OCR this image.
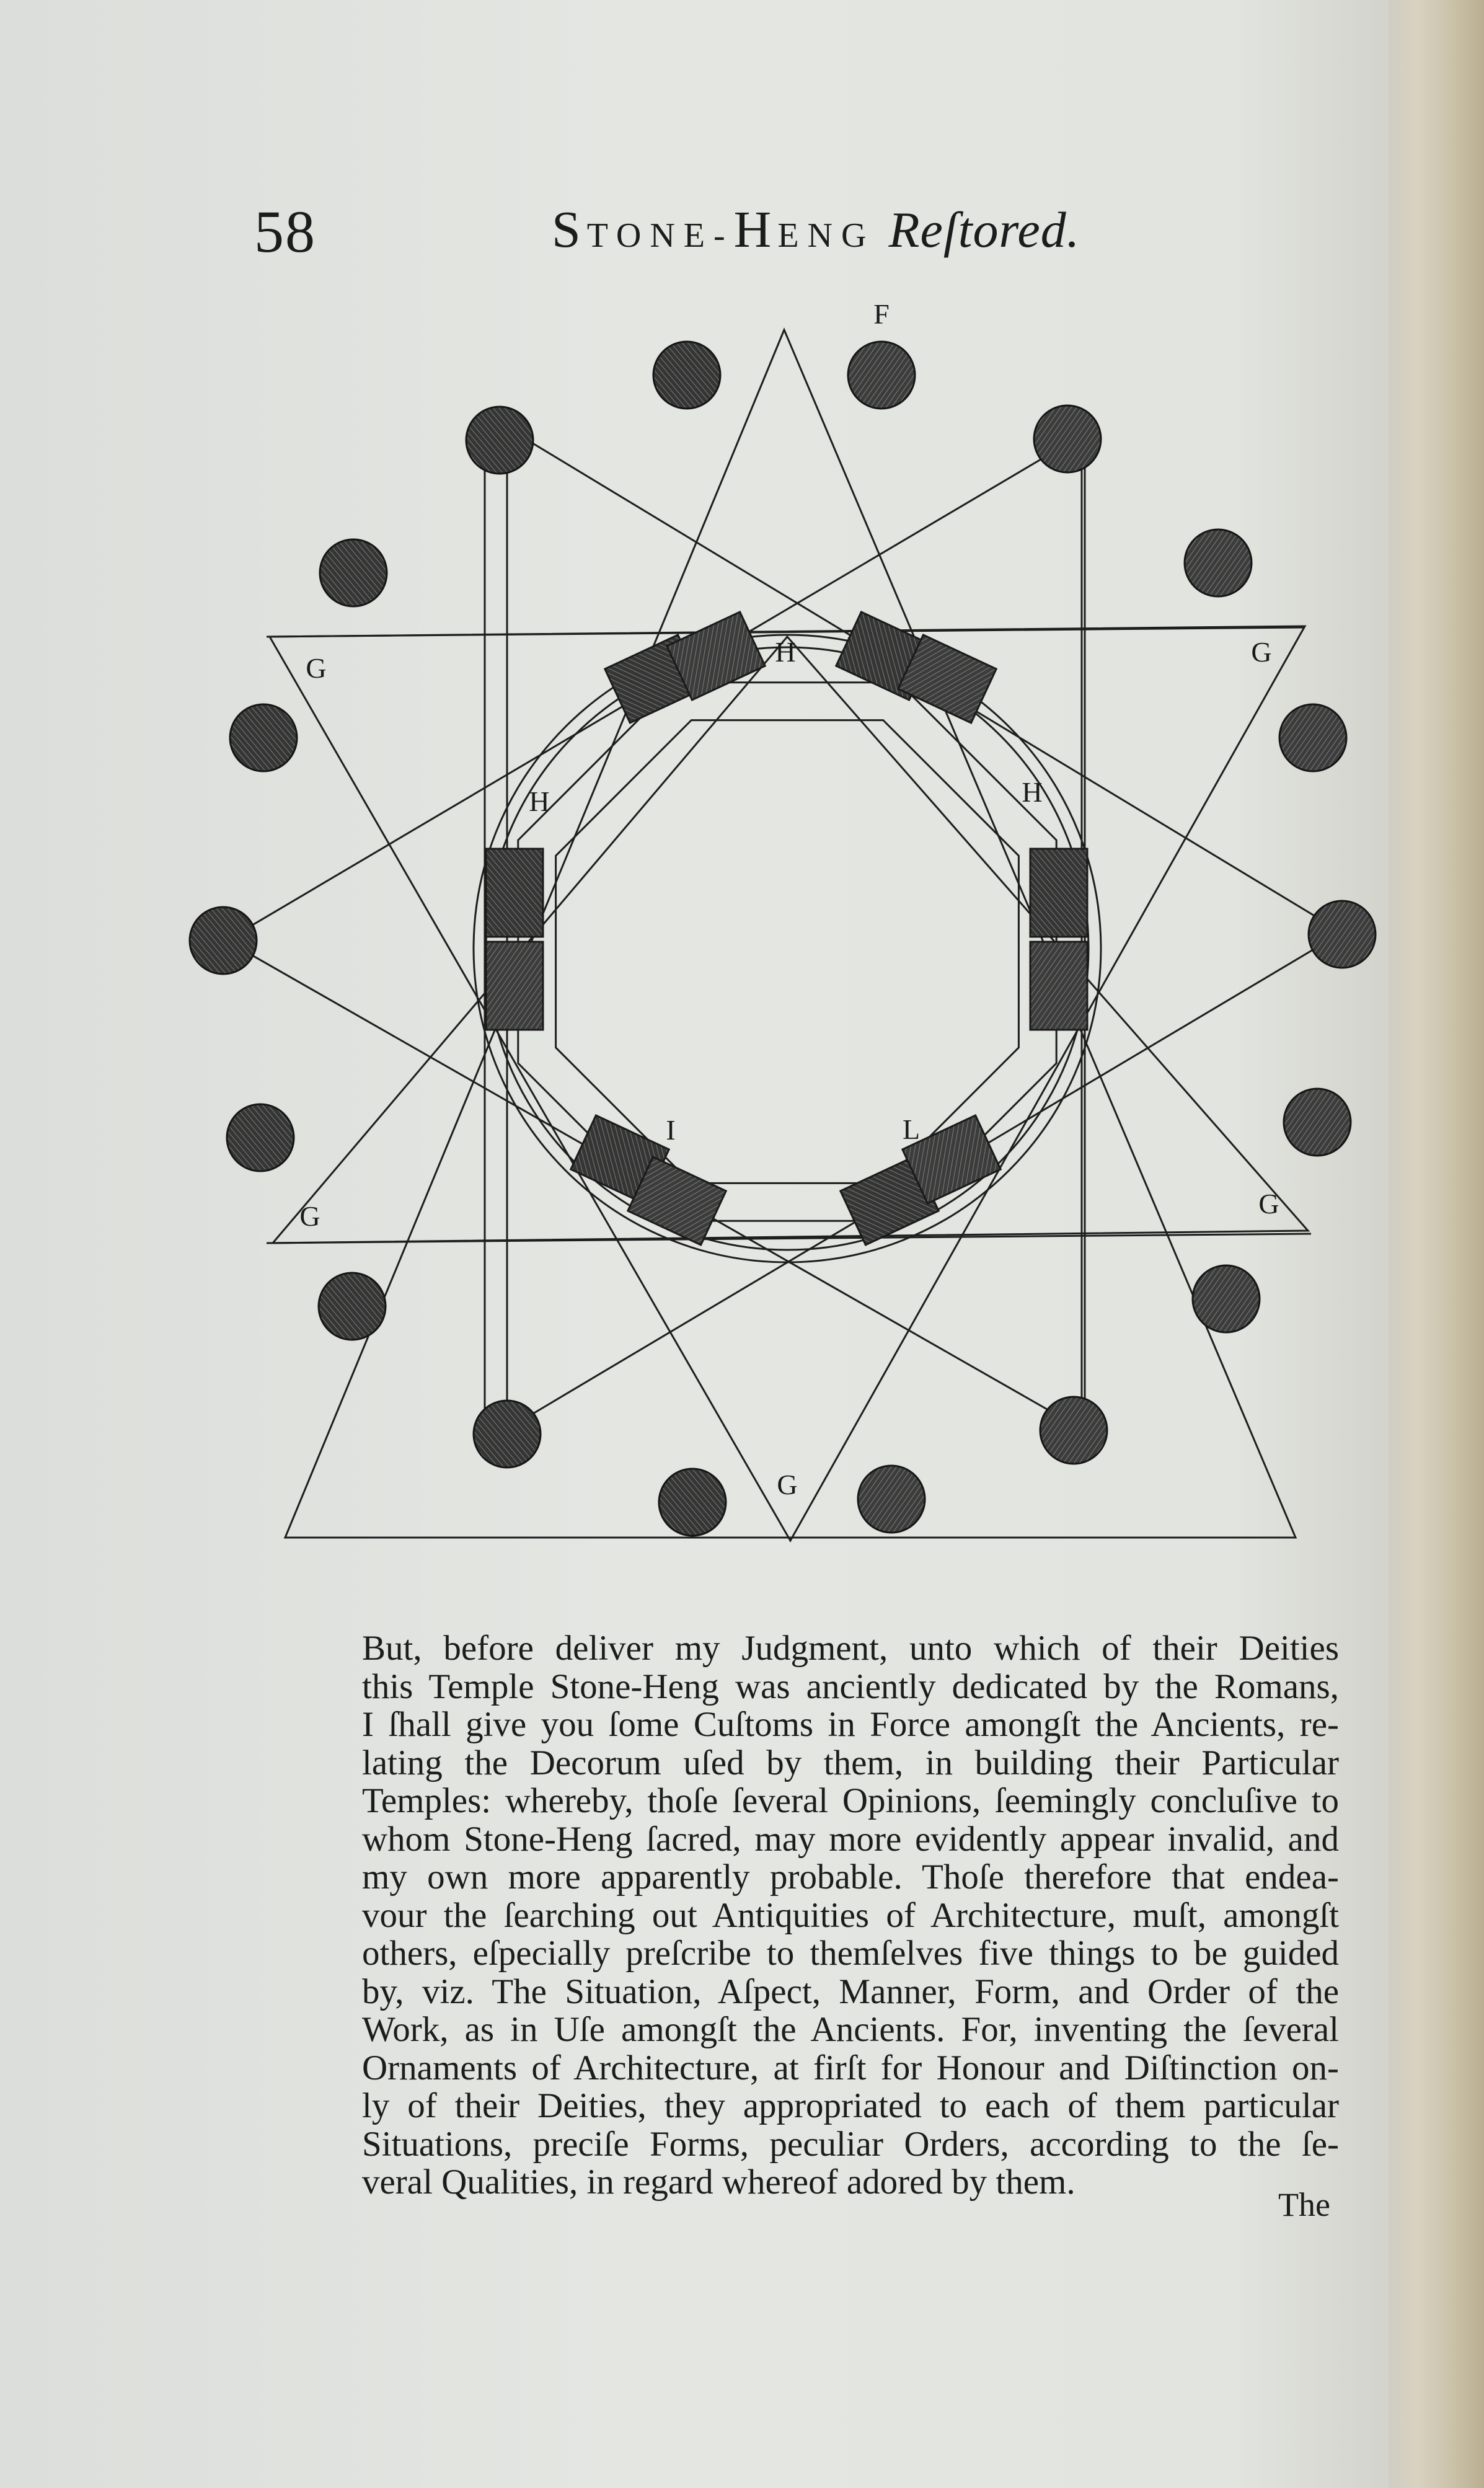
58	STONE-HENG Reſtored.
F
G
G
G	G
G
H
H	H
I	L
But, before deliver my Judgment, unto which of their Deities
this Temple Stone-Heng was anciently dedicated by the Romans,
I ſhall give you ſome Cuſtoms in Force amongſt the Ancients, re-
lating the Decorum uſed by them, in building their Particular
Temples: whereby, thoſe ſeveral Opinions, ſeemingly concluſive to
whom Stone-Heng ſacred, may more evidently appear invalid, and
my own more apparently probable. Thoſe therefore that endea-
vour the ſearching out Antiquities of Architecture, muſt, amongſt
others, eſpecially preſcribe to themſelves five things to be guided
by, viz. The Situation, Aſpect, Manner, Form, and Order of the
Work, as in Uſe amongſt the Ancients. For, inventing the ſeveral
Ornaments of Architecture, at firſt for Honour and Diſtinction on-
ly of their Deities, they appropriated to each of them particular
Situations, preciſe Forms, peculiar Orders, according to the ſe-
veral Qualities, in regard whereof adored by them.
The
